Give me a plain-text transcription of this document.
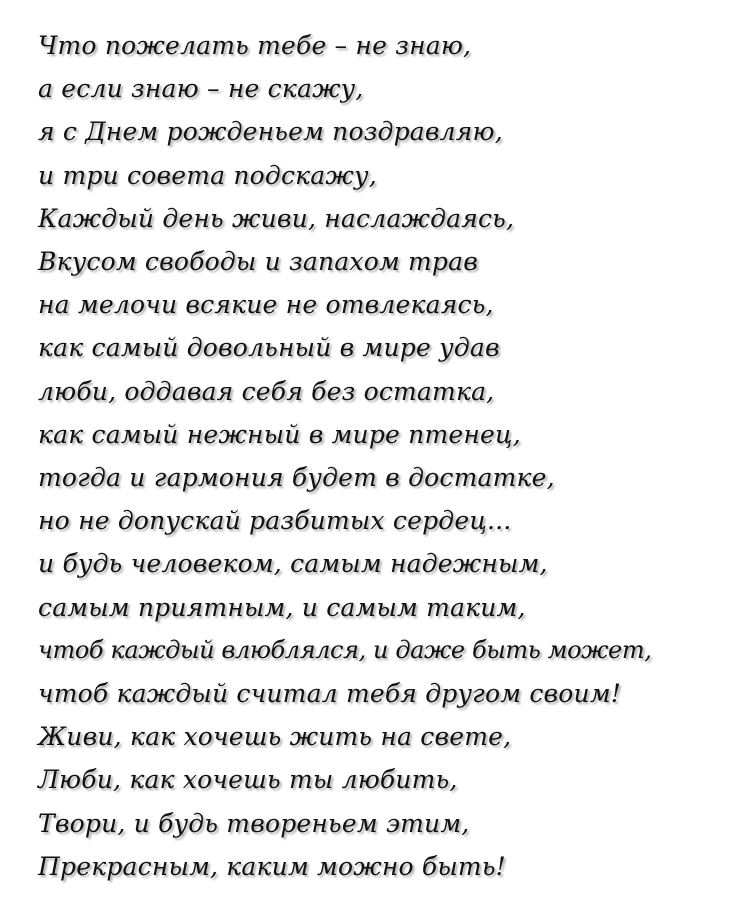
Что пожелать тебе – не знаю,
а если знаю – не скажу,
я с Днем рожденьем поздравляю,
и три совета подскажу,
Каждый день живи, наслаждаясь,
Вкусом свободы и запахом трав
на мелочи всякие не отвлекаясь,
как самый довольный в мире удав
люби, оддавая себя без остатка,
как самый нежный в мире птенец,
тогда и гармония будет в достатке,
но не допускай разбитых сердец...
и будь человеком, самым надежным,
самым приятным, и самым таким,
чтоб каждый влюблялся, и даже быть может,
чтоб каждый считал тебя другом своим!
Живи, как хочешь жить на свете,
Люби, как хочешь ты любить,
Твори, и будь твореньем этим,
Прекрасным, каким можно быть!
